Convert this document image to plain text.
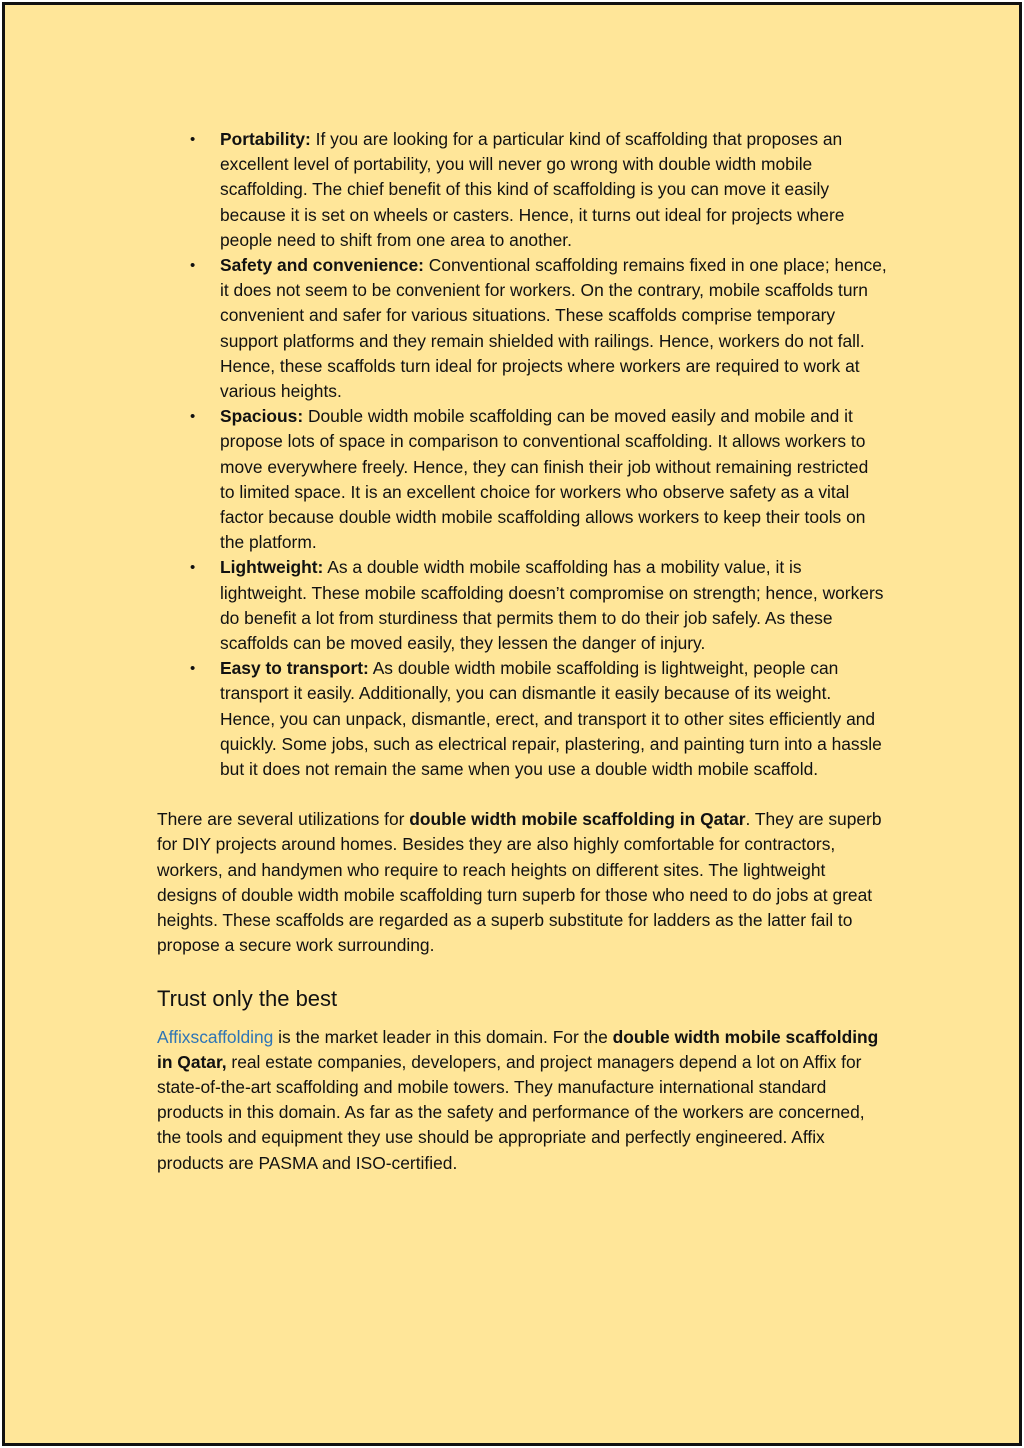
• Portability: If you are looking for a particular kind of scaffolding that proposes an excellent level of portability, you will never go wrong with double width mobile scaffolding. The chief benefit of this kind of scaffolding is you can move it easily because it is set on wheels or casters. Hence, it turns out ideal for projects where people need to shift from one area to another.
• Safety and convenience: Conventional scaffolding remains fixed in one place; hence, it does not seem to be convenient for workers. On the contrary, mobile scaffolds turn convenient and safer for various situations. These scaffolds comprise temporary support platforms and they remain shielded with railings. Hence, workers do not fall. Hence, these scaffolds turn ideal for projects where workers are required to work at various heights.
• Spacious: Double width mobile scaffolding can be moved easily and mobile and it propose lots of space in comparison to conventional scaffolding. It allows workers to move everywhere freely. Hence, they can finish their job without remaining restricted to limited space. It is an excellent choice for workers who observe safety as a vital factor because double width mobile scaffolding allows workers to keep their tools on the platform.
• Lightweight: As a double width mobile scaffolding has a mobility value, it is lightweight. These mobile scaffolding doesn’t compromise on strength; hence, workers do benefit a lot from sturdiness that permits them to do their job safely. As these scaffolds can be moved easily, they lessen the danger of injury.
• Easy to transport: As double width mobile scaffolding is lightweight, people can transport it easily. Additionally, you can dismantle it easily because of its weight. Hence, you can unpack, dismantle, erect, and transport it to other sites efficiently and quickly. Some jobs, such as electrical repair, plastering, and painting turn into a hassle but it does not remain the same when you use a double width mobile scaffold.

There are several utilizations for double width mobile scaffolding in Qatar. They are superb for DIY projects around homes. Besides they are also highly comfortable for contractors, workers, and handymen who require to reach heights on different sites. The lightweight designs of double width mobile scaffolding turn superb for those who need to do jobs at great heights. These scaffolds are regarded as a superb substitute for ladders as the latter fail to propose a secure work surrounding.

Trust only the best

Affixscaffolding is the market leader in this domain. For the double width mobile scaffolding in Qatar, real estate companies, developers, and project managers depend a lot on Affix for state-of-the-art scaffolding and mobile towers. They manufacture international standard products in this domain. As far as the safety and performance of the workers are concerned, the tools and equipment they use should be appropriate and perfectly engineered. Affix products are PASMA and ISO-certified.
